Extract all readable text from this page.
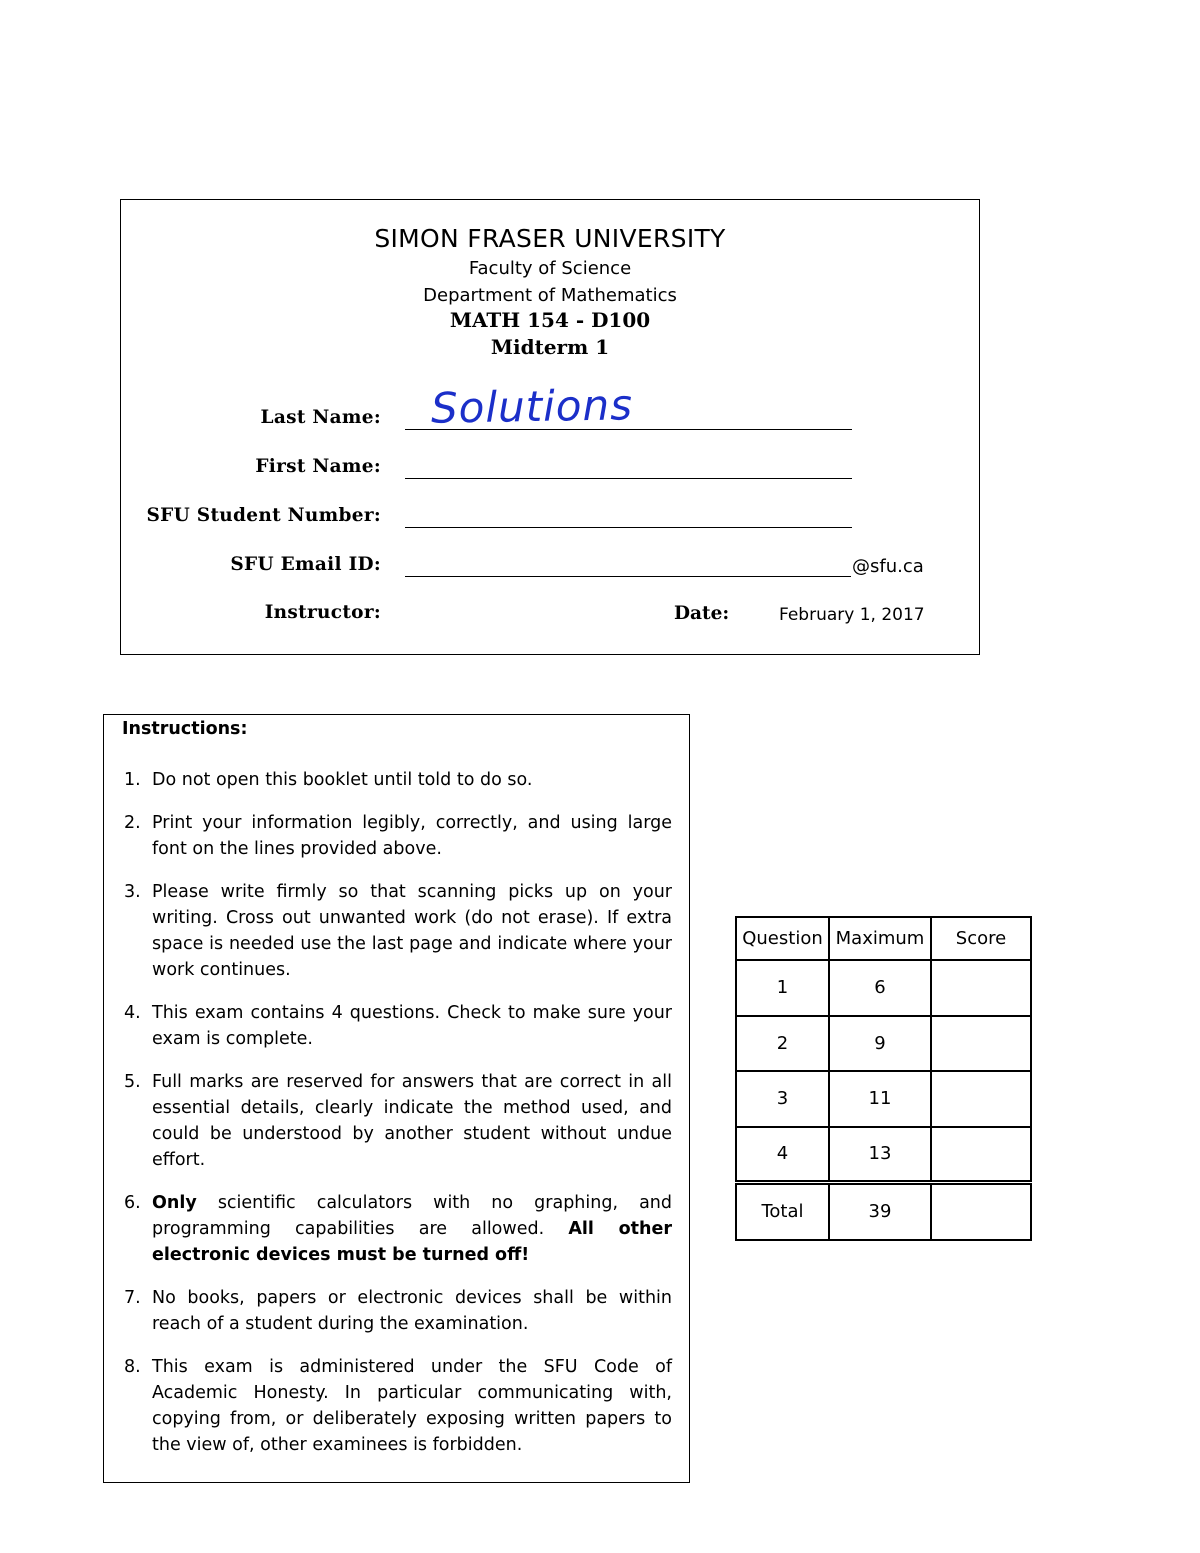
SIMON FRASER UNIVERSITY
Faculty of Science
Department of Mathematics
MATH 154 - D100
Midterm 1
Last Name: Solutions
First Name:
SFU Student Number:
SFU Email ID:	@sfu.ca
Instructor:	Date:	February 1, 2017
Instructions:
1. Do not open this booklet until told to do so.
2. Print your information legibly, correctly, and using large font on the lines provided above.
3. Please write firmly so that scanning picks up on your writing. Cross out unwanted work (do not erase). If extra space is needed use the last page and indicate where your work continues.
4. This exam contains 4 questions. Check to make sure your exam is complete.
5. Full marks are reserved for answers that are correct in all essential details, clearly indicate the method used, and could be understood by another student without undue effort.
6. Only scientific calculators with no graphing, and programming capabilities are allowed. All other electronic devices must be turned off!
7. No books, papers or electronic devices shall be within reach of a student during the examination.
8. This exam is administered under the SFU Code of Academic Honesty. In particular communicating with, copying from, or deliberately exposing written papers to the view of, other examinees is forbidden.
Question	Maximum	Score
1	6	
2	9	
3	11	
4	13	
Total	39	
